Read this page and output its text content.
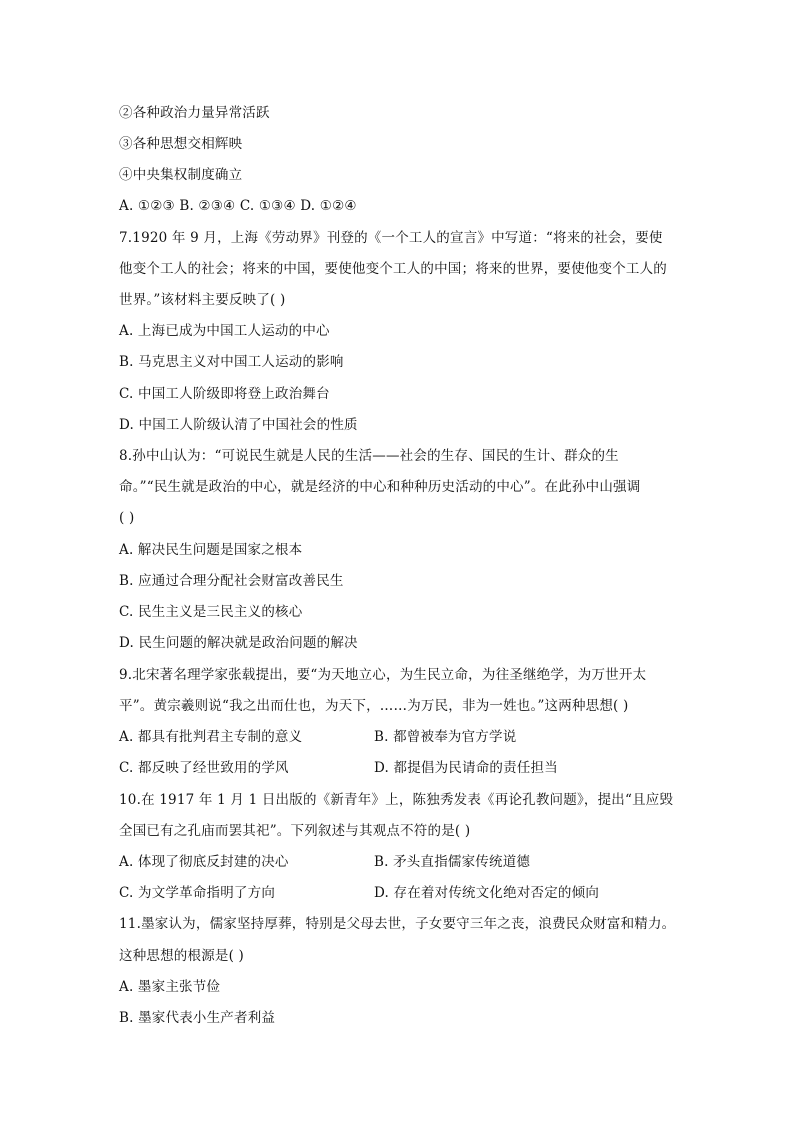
②各种政治力量异常活跃
③各种思想交相辉映
④中央集权制度确立
A. ①②③ B. ②③④ C. ①③④ D. ①②④
7.1920 年 9 月，上海《劳动界》刊登的《一个工人的宣言》中写道：“将来的社会，要使
他变个工人的社会；将来的中国，要使他变个工人的中国；将来的世界，要使他变个工人的
世界。”该材料主要反映了( )
A. 上海已成为中国工人运动的中心
B. 马克思主义对中国工人运动的影响
C. 中国工人阶级即将登上政治舞台
D. 中国工人阶级认清了中国社会的性质
8.孙中山认为：“可说民生就是人民的生活——社会的生存、国民的生计、群众的生
命。”“民生就是政治的中心，就是经济的中心和种种历史活动的中心”。在此孙中山强调
( )
A. 解决民生问题是国家之根本
B. 应通过合理分配社会财富改善民生
C. 民生主义是三民主义的核心
D. 民生问题的解决就是政治问题的解决
9.北宋著名理学家张载提出，要“为天地立心，为生民立命，为往圣继绝学，为万世开太
平”。黄宗羲则说“我之出而仕也，为天下，……为万民，非为一姓也。”这两种思想( )
A. 都具有批判君主专制的意义	B. 都曾被奉为官方学说
C. 都反映了经世致用的学风	D. 都提倡为民请命的责任担当
10.在 1917 年 1 月 1 日出版的《新青年》上，陈独秀发表《再论孔教问题》，提出“且应毁
全国已有之孔庙而罢其祀”。下列叙述与其观点不符的是( )
A. 体现了彻底反封建的决心	B. 矛头直指儒家传统道德
C. 为文学革命指明了方向	D. 存在着对传统文化绝对否定的倾向
11.墨家认为，儒家坚持厚葬，特别是父母去世，子女要守三年之丧，浪费民众财富和精力。
这种思想的根源是( )
A. 墨家主张节俭
B. 墨家代表小生产者利益
